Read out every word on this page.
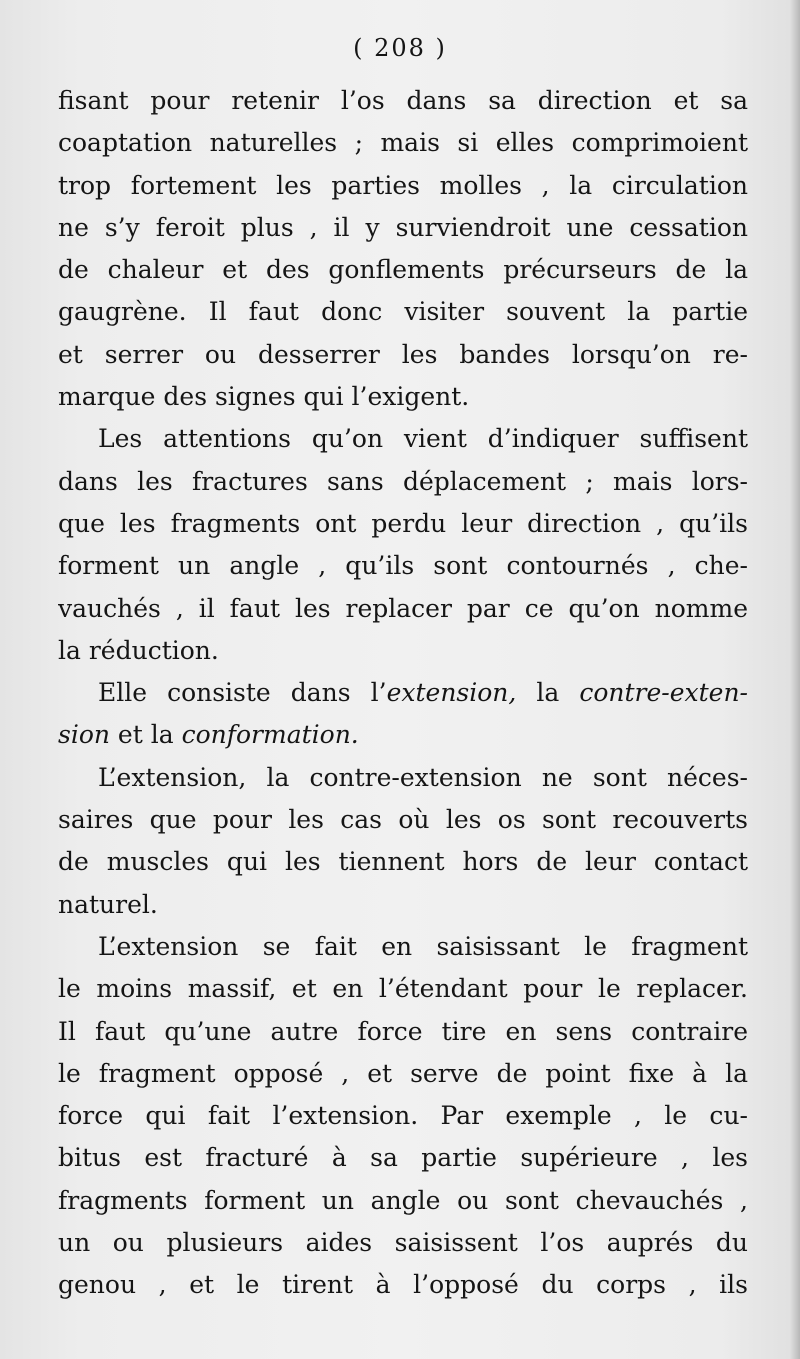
( 208 )
fisant pour retenir l’os dans sa direction et sa
coaptation naturelles ; mais si elles comprimoient
trop fortement les parties molles , la circulation
ne s’y feroit plus , il y surviendroit une cessation
de chaleur et des gonflements précurseurs de la
gaugrène. Il faut donc visiter souvent la partie
et serrer ou desserrer les bandes lorsqu’on re-
marque des signes qui l’exigent.
Les attentions qu’on vient d’indiquer suffisent
dans les fractures sans déplacement ; mais lors-
que les fragments ont perdu leur direction , qu’ils
forment un angle , qu’ils sont contournés , che-
vauchés , il faut les replacer par ce qu’on nomme
la réduction.
Elle consiste dans l’extension, la contre-exten-
sion et la conformation.
L’extension, la contre-extension ne sont néces-
saires que pour les cas où les os sont recouverts
de muscles qui les tiennent hors de leur contact
naturel.
L’extension se fait en saisissant le fragment
le moins massif, et en l’étendant pour le replacer.
Il faut qu’une autre force tire en sens contraire
le fragment opposé , et serve de point fixe à la
force qui fait l’extension. Par exemple , le cu-
bitus est fracturé à sa partie supérieure , les
fragments forment un angle ou sont chevauchés ,
un ou plusieurs aides saisissent l’os auprés du
genou , et le tirent à l’opposé du corps , ils
